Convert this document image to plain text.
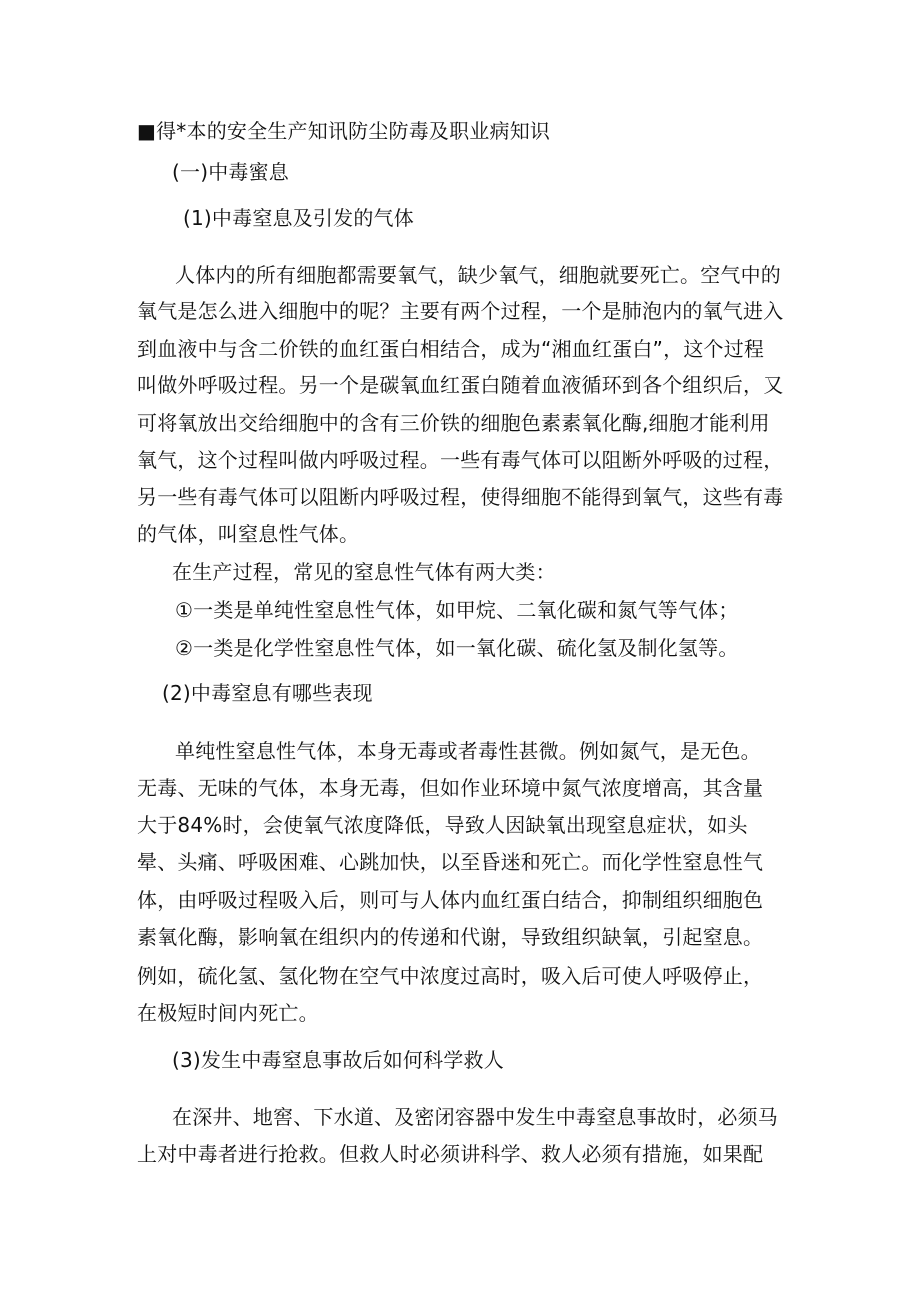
■得*本的安全生产知讯防尘防毒及职业病知识
(一)中毒蜜息
(1)中毒窒息及引发的气体
人体内的所有细胞都需要氧气，缺少氧气，细胞就要死亡。空气中的
氧气是怎么进入细胞中的呢？主要有两个过程，一个是肺泡内的氧气进入
到血液中与含二价铁的血红蛋白相结合，成为“湘血红蛋白”，这个过程
叫做外呼吸过程。另一个是碳氧血红蛋白随着血液循环到各个组织后，又
可将氧放出交给细胞中的含有三价铁的细胞色素素氧化酶,细胞才能利用
氧气，这个过程叫做内呼吸过程。一些有毒气体可以阻断外呼吸的过程，
另一些有毒气体可以阻断内呼吸过程，使得细胞不能得到氧气，这些有毒
的气体，叫窒息性气体。
在生产过程，常见的窒息性气体有两大类：
①一类是单纯性窒息性气体，如甲烷、二氧化碳和氮气等气体；
②一类是化学性窒息性气体，如一氧化碳、硫化氢及制化氢等。
(2)中毒窒息有哪些表现
单纯性窒息性气体，本身无毒或者毒性甚微。例如氮气，是无色。
无毒、无味的气体，本身无毒，但如作业环境中氮气浓度增高，其含量
大于84%时，会使氧气浓度降低，导致人因缺氧出现窒息症状，如头
晕、头痛、呼吸困难、心跳加快，以至昏迷和死亡。而化学性窒息性气
体，由呼吸过程吸入后，则可与人体内血红蛋白结合，抑制组织细胞色
素氧化酶，影响氧在组织内的传递和代谢，导致组织缺氧，引起窒息。
例如，硫化氢、氢化物在空气中浓度过高时，吸入后可使人呼吸停止，
在极短时间内死亡。
(3)发生中毒窒息事故后如何科学救人
在深井、地窖、下水道、及密闭容器中发生中毒窒息事故时，必须马
上对中毒者进行抢救。但救人时必须讲科学、救人必须有措施，如果配
